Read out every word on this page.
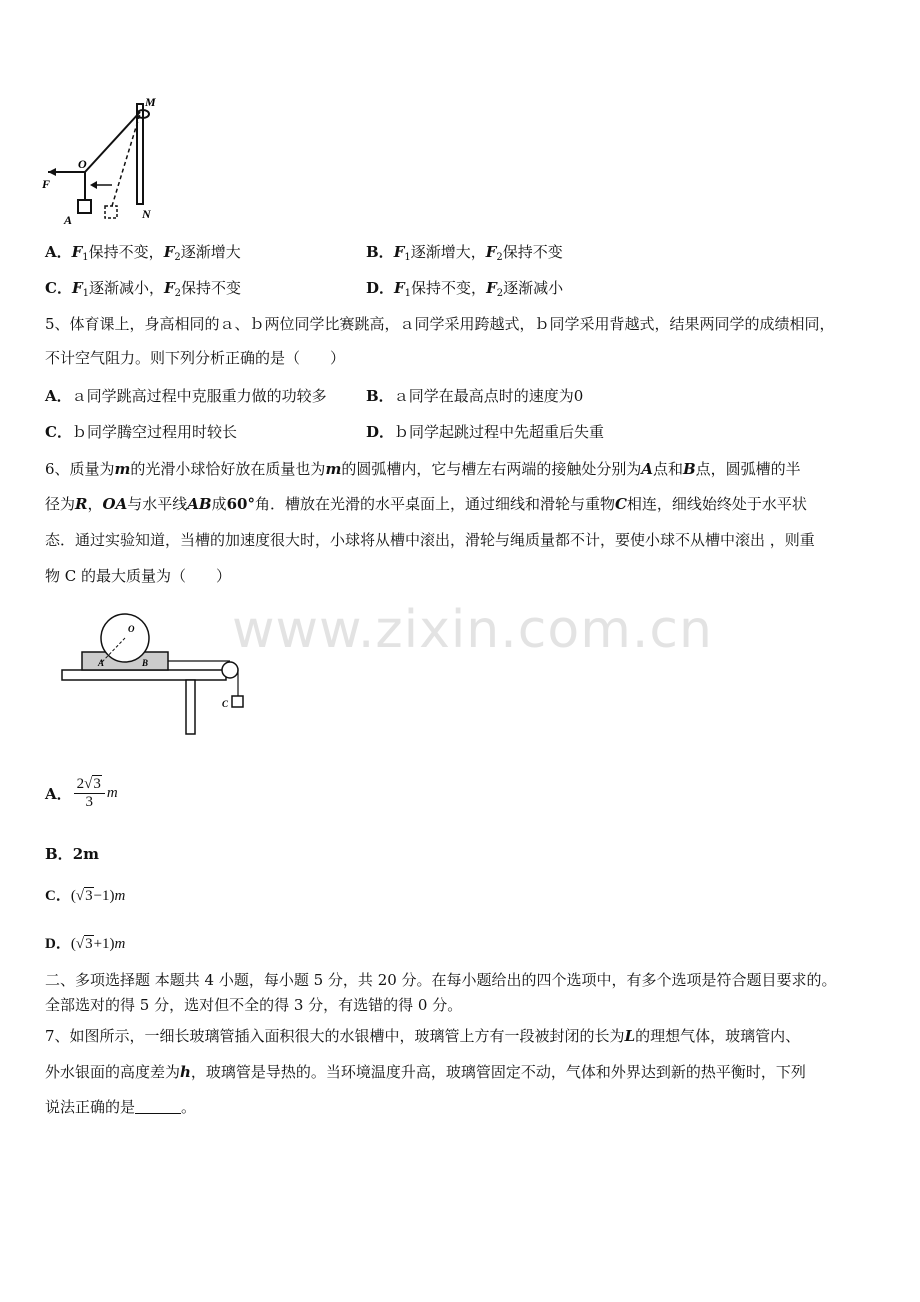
M
O
F
A	N
A．$F_1$保持不变，$F_2$逐渐增大	B．$F_1$逐渐增大，$F_2$保持不变
C．$F_1$逐渐减小，$F_2$保持不变	D．$F_1$保持不变，$F_2$逐渐减小
5、体育课上，身高相同的ａ、ｂ两位同学比赛跳高，ａ同学采用跨越式，ｂ同学采用背越式，结果两同学的成绩相同，
不计空气阻力。则下列分析正确的是（　　）
A．ａ同学跳高过程中克服重力做的功较多	B．ａ同学在最高点时的速度为0
C．ｂ同学腾空过程用时较长	D．ｂ同学起跳过程中先超重后失重
6、质量为m的光滑小球恰好放在质量也为m的圆弧槽内，它与槽左右两端的接触处分别为A点和B点，圆弧槽的半
径为R，OA与水平线AB成60°角．槽放在光滑的水平桌面上，通过细线和滑轮与重物C相连，细线始终处于水平状
态．通过实验知道，当槽的加速度很大时，小球将从槽中滚出，滑轮与绳质量都不计，要使小球不从槽中滚出 ，则重
物 C 的最大质量为（　　）
O
A	B
C
A． $\frac{2√3}{3}$ m
B．2m
C．(√3−1)m
D．(√3+1)m
二、多项选择题 本题共 4 小题，每小题 5 分，共 20 分。在每小题给出的四个选项中，有多个选项是符合题目要求的。
全部选对的得 5 分，选对但不全的得 3 分，有选错的得 0 分。
7、如图所示，一细长玻璃管插入面积很大的水银槽中，玻璃管上方有一段被封闭的长为L的理想气体，玻璃管内、
外水银面的高度差为h，玻璃管是导热的。当环境温度升高，玻璃管固定不动，气体和外界达到新的热平衡时，下列
说法正确的是	。
www.zixin.com.cn
